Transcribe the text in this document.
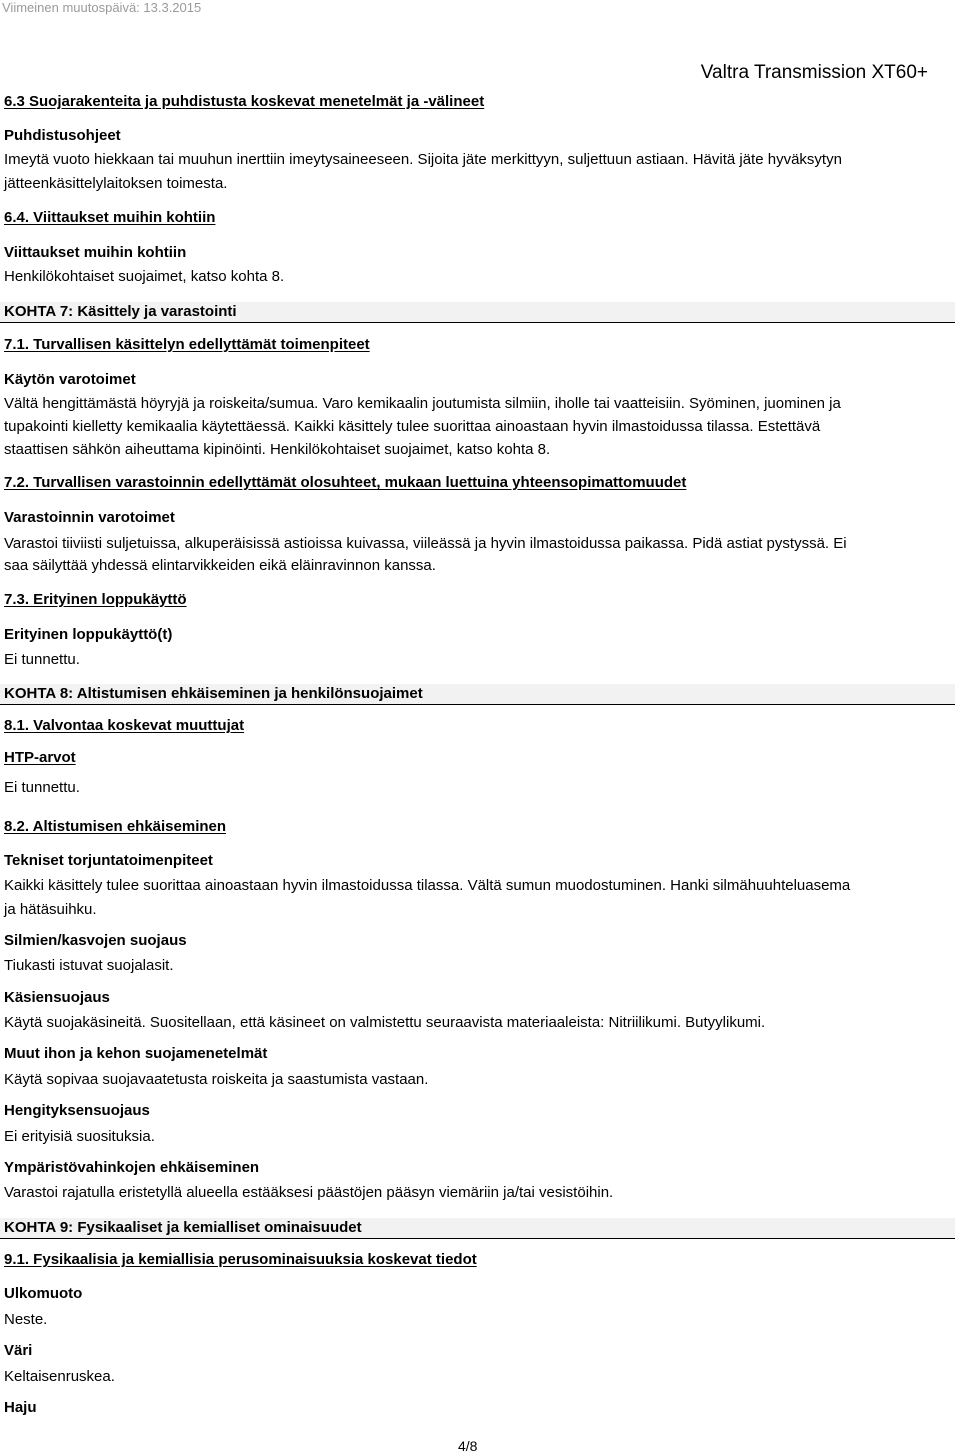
Viimeinen muutospäivä: 13.3.2015
Valtra Transmission XT60+
6.3 Suojarakenteita ja puhdistusta koskevat menetelmät ja -välineet
Puhdistusohjeet
Imeytä vuoto hiekkaan tai muuhun inerttiin imeytysaineeseen. Sijoita jäte merkittyyn, suljettuun astiaan. Hävitä jäte hyväksytyn
jätteenkäsittelylaitoksen toimesta.
6.4. Viittaukset muihin kohtiin
Viittaukset muihin kohtiin
Henkilökohtaiset suojaimet, katso kohta 8.
KOHTA 7: Käsittely ja varastointi
7.1. Turvallisen käsittelyn edellyttämät toimenpiteet
Käytön varotoimet
Vältä hengittämästä höyryjä ja roiskeita/sumua. Varo kemikaalin joutumista silmiin, iholle tai vaatteisiin. Syöminen, juominen ja
tupakointi kielletty kemikaalia käytettäessä. Kaikki käsittely tulee suorittaa ainoastaan hyvin ilmastoidussa tilassa. Estettävä
staattisen sähkön aiheuttama kipinöinti. Henkilökohtaiset suojaimet, katso kohta 8.
7.2. Turvallisen varastoinnin edellyttämät olosuhteet, mukaan luettuina yhteensopimattomuudet
Varastoinnin varotoimet
Varastoi tiiviisti suljetuissa, alkuperäisissä astioissa kuivassa, viileässä ja hyvin ilmastoidussa paikassa. Pidä astiat pystyssä. Ei
saa säilyttää yhdessä elintarvikkeiden eikä eläinravinnon kanssa.
7.3. Erityinen loppukäyttö
Erityinen loppukäyttö(t)
Ei tunnettu.
KOHTA 8: Altistumisen ehkäiseminen ja henkilönsuojaimet
8.1. Valvontaa koskevat muuttujat
HTP-arvot
Ei tunnettu.
8.2. Altistumisen ehkäiseminen
Tekniset torjuntatoimenpiteet
Kaikki käsittely tulee suorittaa ainoastaan hyvin ilmastoidussa tilassa. Vältä sumun muodostuminen. Hanki silmähuuhteluasema
ja hätäsuihku.
Silmien/kasvojen suojaus
Tiukasti istuvat suojalasit.
Käsiensuojaus
Käytä suojakäsineitä. Suositellaan, että käsineet on valmistettu seuraavista materiaaleista: Nitriilikumi. Butyylikumi.
Muut ihon ja kehon suojamenetelmät
Käytä sopivaa suojavaatetusta roiskeita ja saastumista vastaan.
Hengityksensuojaus
Ei erityisiä suosituksia.
Ympäristövahinkojen ehkäiseminen
Varastoi rajatulla eristetyllä alueella estääksesi päästöjen pääsyn viemäriin ja/tai vesistöihin.
KOHTA 9: Fysikaaliset ja kemialliset ominaisuudet
9.1. Fysikaalisia ja kemiallisia perusominaisuuksia koskevat tiedot
Ulkomuoto
Neste.
Väri
Keltaisenruskea.
Haju
4/8
